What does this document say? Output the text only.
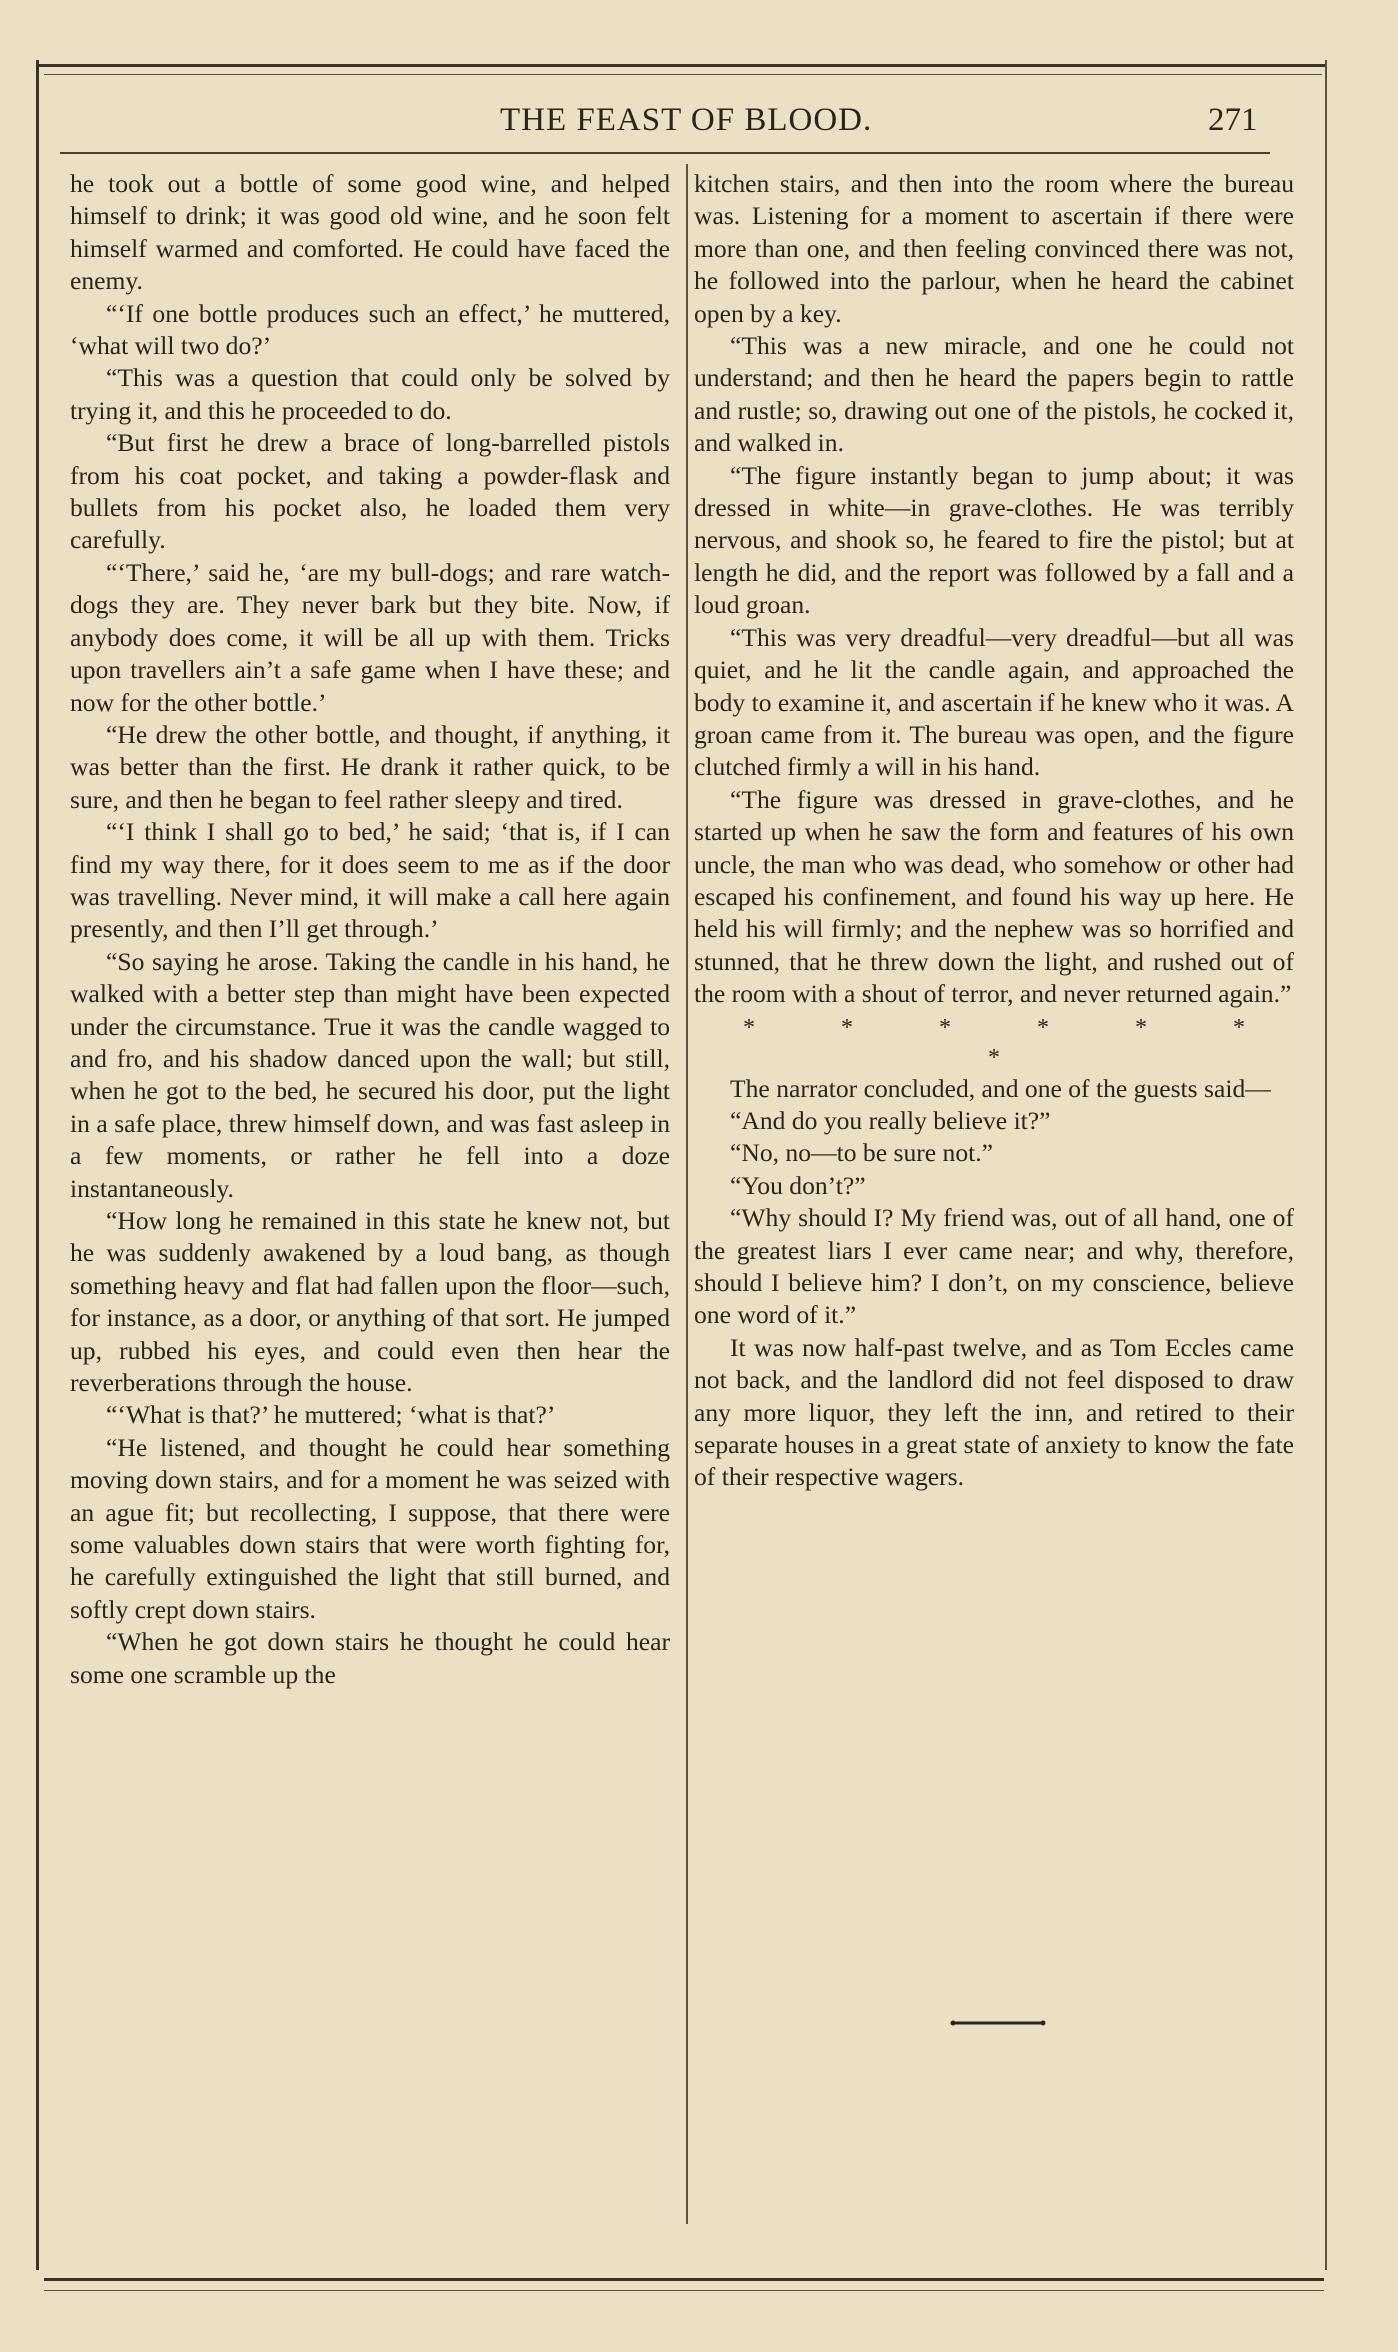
THE FEAST OF BLOOD.	271

he took out a bottle of some good wine, and helped himself to drink; it was good old wine, and he soon felt himself warmed and comforted. He could have faced the enemy.

“‘If one bottle produces such an effect,’ he muttered, ‘what will two do?’

“This was a question that could only be solved by trying it, and this he proceeded to do.

“But first he drew a brace of long-barrelled pistols from his coat pocket, and taking a powder-flask and bullets from his pocket also, he loaded them very carefully.

“‘There,’ said he, ‘are my bull-dogs; and rare watch-dogs they are. They never bark but they bite. Now, if anybody does come, it will be all up with them. Tricks upon travellers ain’t a safe game when I have these; and now for the other bottle.’

“He drew the other bottle, and thought, if anything, it was better than the first. He drank it rather quick, to be sure, and then he began to feel rather sleepy and tired.

“‘I think I shall go to bed,’ he said; ‘that is, if I can find my way there, for it does seem to me as if the door was travelling. Never mind, it will make a call here again presently, and then I’ll get through.’

“So saying he arose. Taking the candle in his hand, he walked with a better step than might have been expected under the circumstance. True it was the candle wagged to and fro, and his shadow danced upon the wall; but still, when he got to the bed, he secured his door, put the light in a safe place, threw himself down, and was fast asleep in a few moments, or rather he fell into a doze instantaneously.

“How long he remained in this state he knew not, but he was suddenly awakened by a loud bang, as though something heavy and flat had fallen upon the floor—such, for instance, as a door, or anything of that sort. He jumped up, rubbed his eyes, and could even then hear the reverberations through the house.

“‘What is that?’ he muttered; ‘what is that?’

“He listened, and thought he could hear something moving down stairs, and for a moment he was seized with an ague fit; but recollecting, I suppose, that there were some valuables down stairs that were worth fighting for, he carefully extinguished the light that still burned, and softly crept down stairs.

“When he got down stairs he thought he could hear some one scramble up the

kitchen stairs, and then into the room where the bureau was. Listening for a moment to ascertain if there were more than one, and then feeling convinced there was not, he followed into the parlour, when he heard the cabinet open by a key.

“This was a new miracle, and one he could not understand; and then he heard the papers begin to rattle and rustle; so, drawing out one of the pistols, he cocked it, and walked in.

“The figure instantly began to jump about; it was dressed in white—in grave-clothes. He was terribly nervous, and shook so, he feared to fire the pistol; but at length he did, and the report was followed by a fall and a loud groan.

“This was very dreadful—very dreadful—but all was quiet, and he lit the candle again, and approached the body to examine it, and ascertain if he knew who it was. A groan came from it. The bureau was open, and the figure clutched firmly a will in his hand.

“The figure was dressed in grave-clothes, and he started up when he saw the form and features of his own uncle, the man who was dead, who somehow or other had escaped his confinement, and found his way up here. He held his will firmly; and the nephew was so horrified and stunned, that he threw down the light, and rushed out of the room with a shout of terror, and never returned again.”

* * * * * * *

The narrator concluded, and one of the guests said—

“And do you really believe it?”

“No, no—to be sure not.”

“You don’t?”

“Why should I? My friend was, out of all hand, one of the greatest liars I ever came near; and why, therefore, should I believe him? I don’t, on my conscience, believe one word of it.”

It was now half-past twelve, and as Tom Eccles came not back, and the landlord did not feel disposed to draw any more liquor, they left the inn, and retired to their separate houses in a great state of anxiety to know the fate of their respective wagers.
